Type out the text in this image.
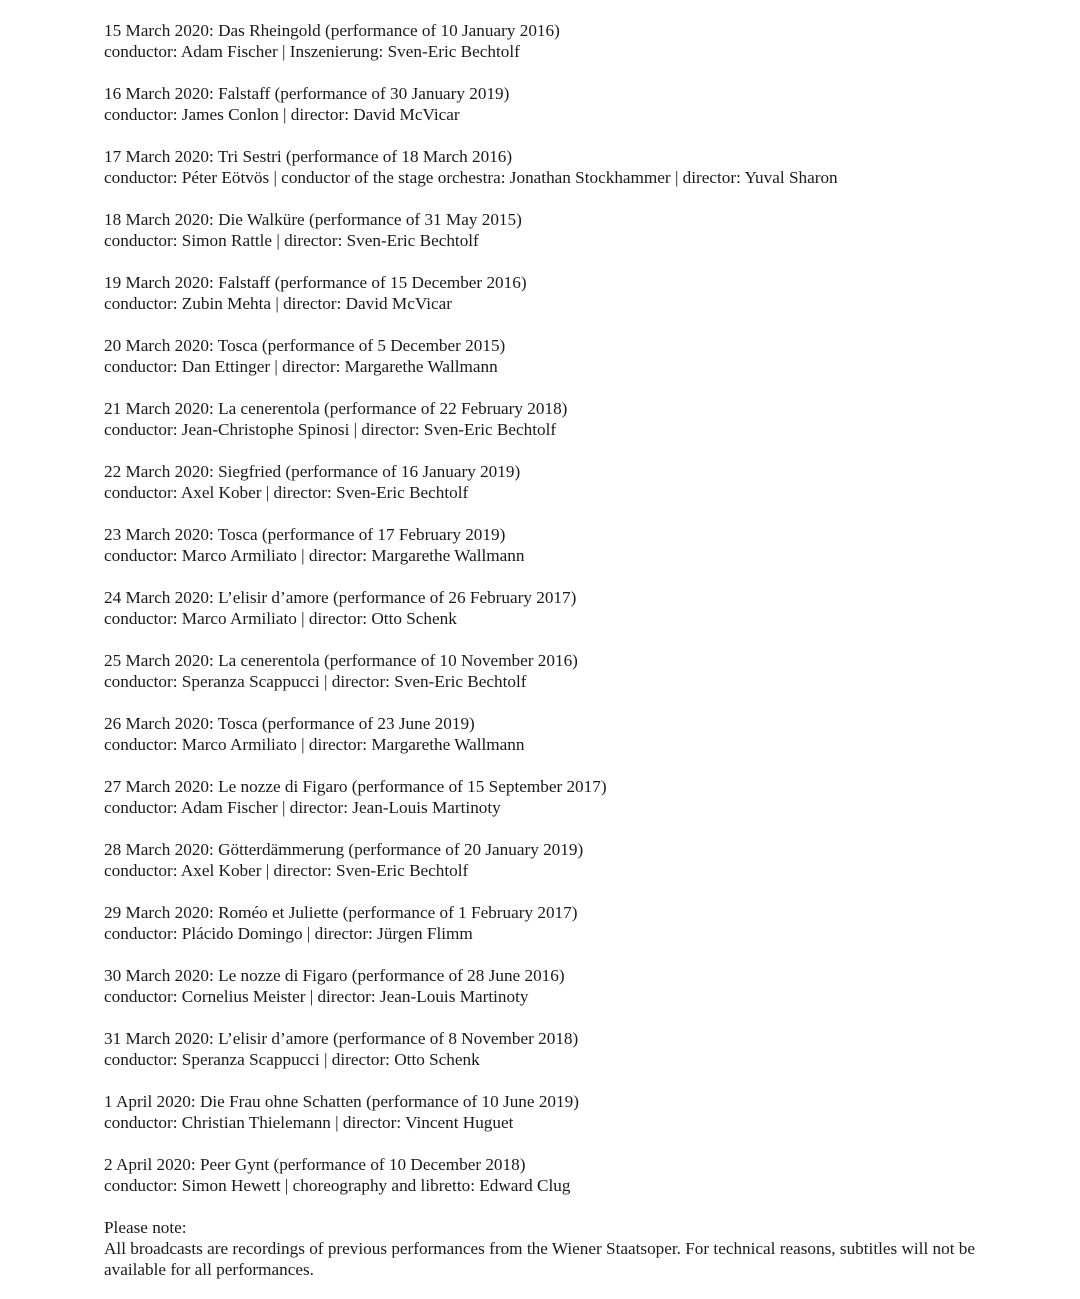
15 March 2020: Das Rheingold (performance of 10 January 2016)
conductor: Adam Fischer | Inszenierung: Sven-Eric Bechtolf
16 March 2020: Falstaff (performance of 30 January 2019)
conductor: James Conlon | director: David McVicar
17 March 2020: Tri Sestri (performance of 18 March 2016)
conductor: Péter Eötvös | conductor of the stage orchestra: Jonathan Stockhammer | director: Yuval Sharon
18 March 2020: Die Walküre (performance of 31 May 2015)
conductor: Simon Rattle | director: Sven-Eric Bechtolf
19 March 2020: Falstaff (performance of 15 December 2016)
conductor: Zubin Mehta | director: David McVicar
20 March 2020: Tosca (performance of 5 December 2015)
conductor: Dan Ettinger | director: Margarethe Wallmann
21 March 2020: La cenerentola (performance of 22 February 2018)
conductor: Jean-Christophe Spinosi | director: Sven-Eric Bechtolf
22 March 2020: Siegfried (performance of 16 January 2019)
conductor: Axel Kober | director: Sven-Eric Bechtolf
23 March 2020: Tosca (performance of 17 February 2019)
conductor: Marco Armiliato | director: Margarethe Wallmann
24 March 2020: L’elisir d’amore (performance of 26 February 2017)
conductor: Marco Armiliato | director: Otto Schenk
25 March 2020: La cenerentola (performance of 10 November 2016)
conductor: Speranza Scappucci | director: Sven-Eric Bechtolf
26 March 2020: Tosca (performance of 23 June 2019)
conductor: Marco Armiliato | director: Margarethe Wallmann
27 March 2020: Le nozze di Figaro (performance of 15 September 2017)
conductor: Adam Fischer | director: Jean-Louis Martinoty
28 March 2020: Götterdämmerung (performance of 20 January 2019)
conductor: Axel Kober | director: Sven-Eric Bechtolf
29 March 2020: Roméo et Juliette (performance of 1 February 2017)
conductor: Plácido Domingo | director: Jürgen Flimm
30 March 2020: Le nozze di Figaro (performance of 28 June 2016)
conductor: Cornelius Meister | director: Jean-Louis Martinoty
31 March 2020: L’elisir d’amore (performance of 8 November 2018)
conductor: Speranza Scappucci | director: Otto Schenk
1 April 2020: Die Frau ohne Schatten (performance of 10 June 2019)
conductor: Christian Thielemann | director: Vincent Huguet
2 April 2020: Peer Gynt (performance of 10 December 2018)
conductor: Simon Hewett | choreography and libretto: Edward Clug
Please note:
All broadcasts are recordings of previous performances from the Wiener Staatsoper. For technical reasons, subtitles will not be available for all performances.
